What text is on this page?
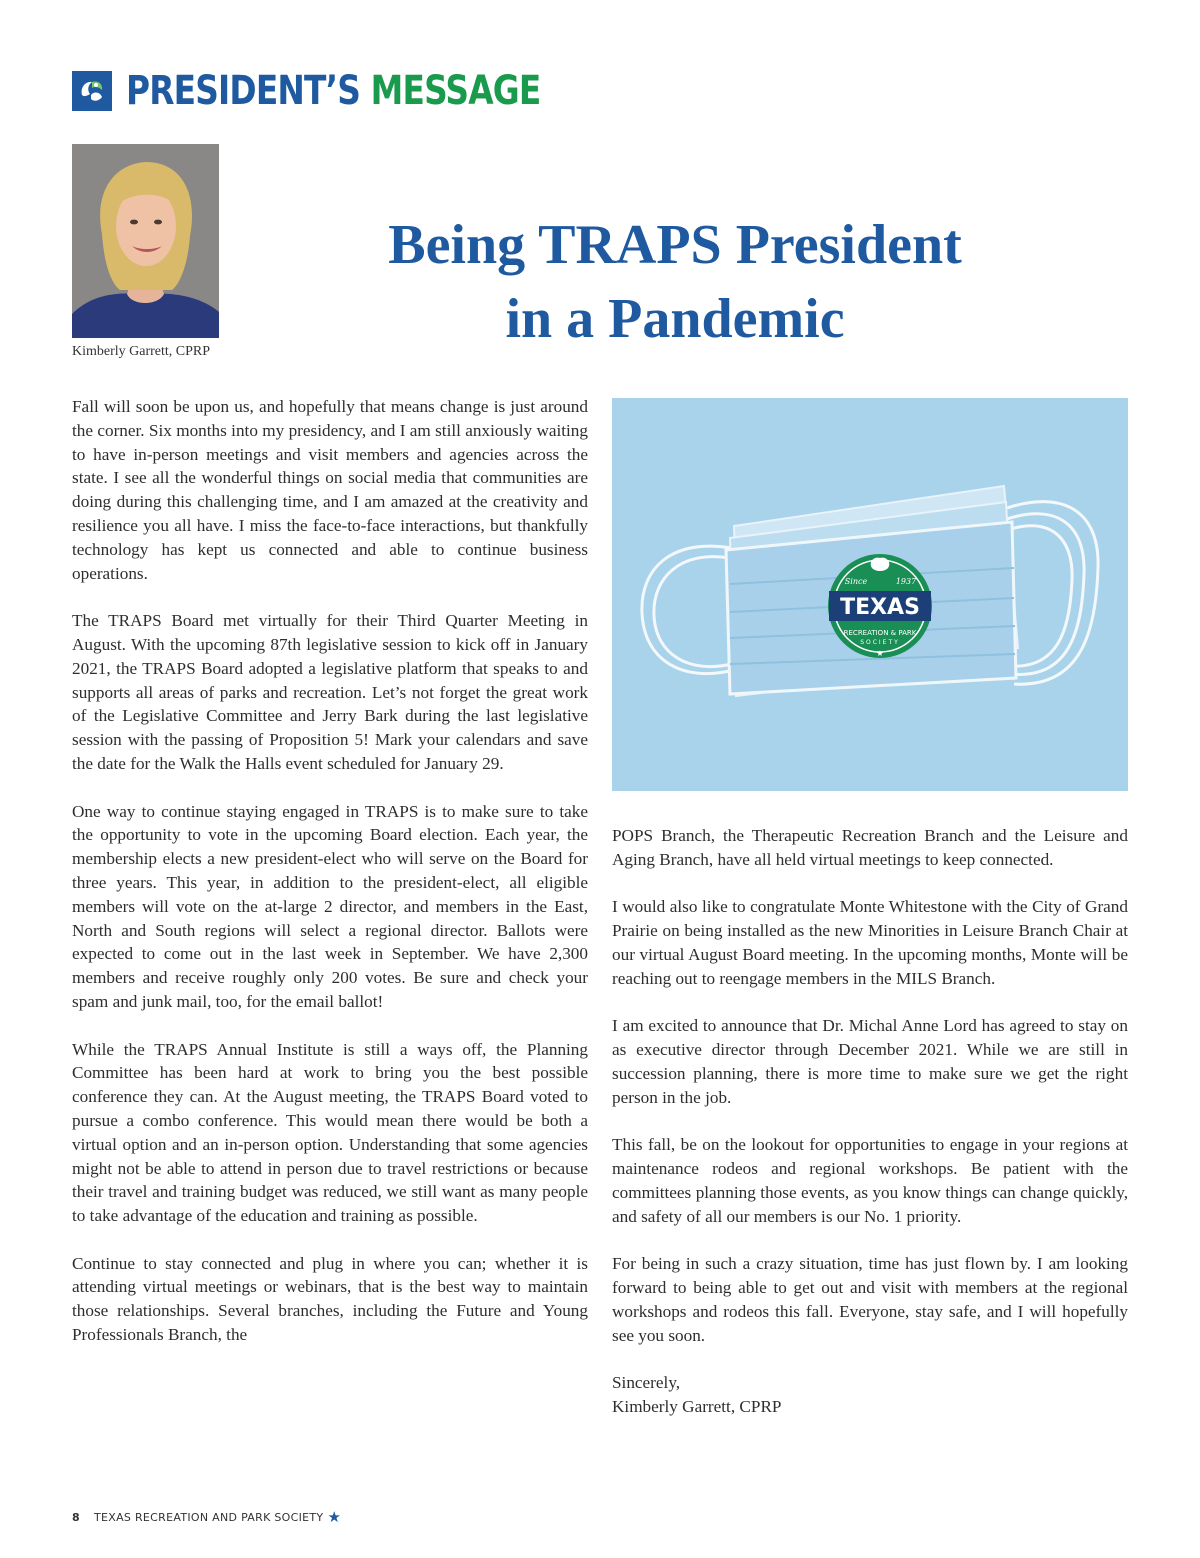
PRESIDENT’S MESSAGE
Kimberly Garrett, CPRP
Being TRAPS President
in a Pandemic
TEXAS
RECREATION & PARK
SOCIETY
Since	1937
★

Fall will soon be upon us, and hopefully that means change is just around the corner. Six months into my presidency, and I am still anxiously waiting to have in-person meetings and visit members and agencies across the state. I see all the wonderful things on social media that communities are doing during this challenging time, and I am amazed at the creativity and resilience you all have. I miss the face-to-face interactions, but thankfully technology has kept us connected and able to continue business operations.

The TRAPS Board met virtually for their Third Quarter Meeting in August. With the upcoming 87th legislative session to kick off in January 2021, the TRAPS Board adopted a legislative platform that speaks to and supports all areas of parks and recreation. Let’s not forget the great work of the Legislative Committee and Jerry Bark during the last legislative session with the passing of Proposition 5! Mark your calendars and save the date for the Walk the Halls event scheduled for January 29.

One way to continue staying engaged in TRAPS is to make sure to take the opportunity to vote in the upcoming Board election. Each year, the membership elects a new president-elect who will serve on the Board for three years. This year, in addition to the president-elect, all eligible members will vote on the at-large 2 director, and members in the East, North and South regions will select a regional director. Ballots were expected to come out in the last week in September. We have 2,300 members and receive roughly only 200 votes. Be sure and check your spam and junk mail, too, for the email ballot!

While the TRAPS Annual Institute is still a ways off, the Planning Committee has been hard at work to bring you the best possible conference they can. At the August meeting, the TRAPS Board voted to pursue a combo conference. This would mean there would be both a virtual option and an in-person option. Understanding that some agencies might not be able to attend in person due to travel restrictions or because their travel and training budget was reduced, we still want as many people to take advantage of the education and training as possible.

Continue to stay connected and plug in where you can; whether it is attending virtual meetings or webinars, that is the best way to maintain those relationships. Several branches, including the Future and Young Professionals Branch, the

POPS Branch, the Therapeutic Recreation Branch and the Leisure and Aging Branch, have all held virtual meetings to keep connected.

I would also like to congratulate Monte Whitestone with the City of Grand Prairie on being installed as the new Minorities in Leisure Branch Chair at our virtual August Board meeting. In the upcoming months, Monte will be reaching out to reengage members in the MILS Branch.

I am excited to announce that Dr. Michal Anne Lord has agreed to stay on as executive director through December 2021. While we are still in succession planning, there is more time to make sure we get the right person in the job.

This fall, be on the lookout for opportunities to engage in your regions at maintenance rodeos and regional workshops. Be patient with the committees planning those events, as you know things can change quickly, and safety of all our members is our No. 1 priority.

For being in such a crazy situation, time has just flown by. I am looking forward to being able to get out and visit with members at the regional workshops and rodeos this fall. Everyone, stay safe, and I will hopefully see you soon.

Sincerely,
Kimberly Garrett, CPRP

8 TEXAS RECREATION AND PARK SOCIETY ★
